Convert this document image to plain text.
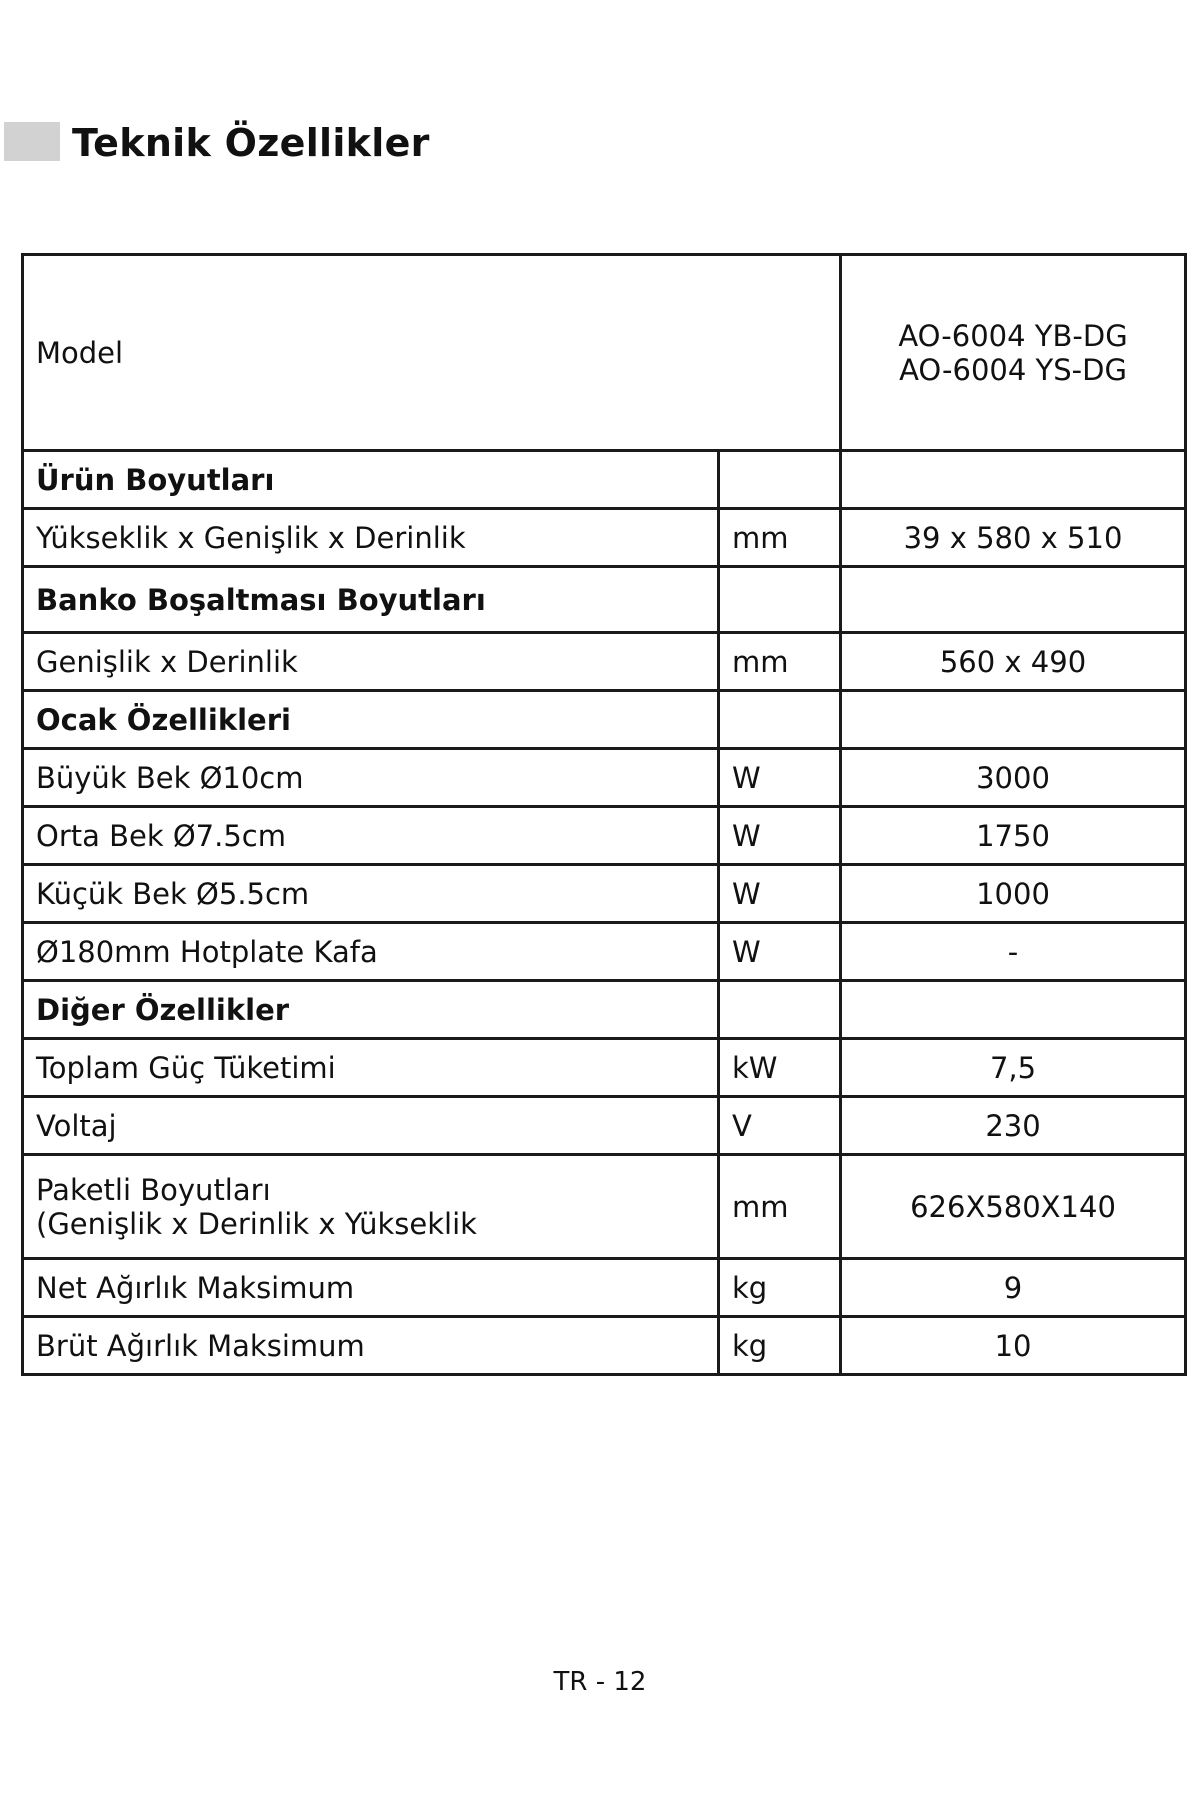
Teknik Özellikler
Model		AO-6004 YB-DG
AO-6004 YS-DG

Ürün Boyutları		
Yükseklik x Genişlik x Derinlik	mm	39 x 580 x 510
Banko Boşaltması Boyutları		
Genişlik x Derinlik	mm	560 x 490
Ocak Özellikleri		
Büyük Bek Ø10cm	W	3000
Orta Bek Ø7.5cm	W	1750
Küçük Bek Ø5.5cm	W	1000
Ø180mm Hotplate Kafa	W	-
Diğer Özellikler		
Toplam Güç Tüketimi	kW	7,5
Voltaj	V	230

Paketli Boyutları
(Genişlik x Derinlik x Yükseklik	mm	626X580X140
Net Ağırlık Maksimum	kg	9
Brüt Ağırlık Maksimum	kg	10
TR - 12
